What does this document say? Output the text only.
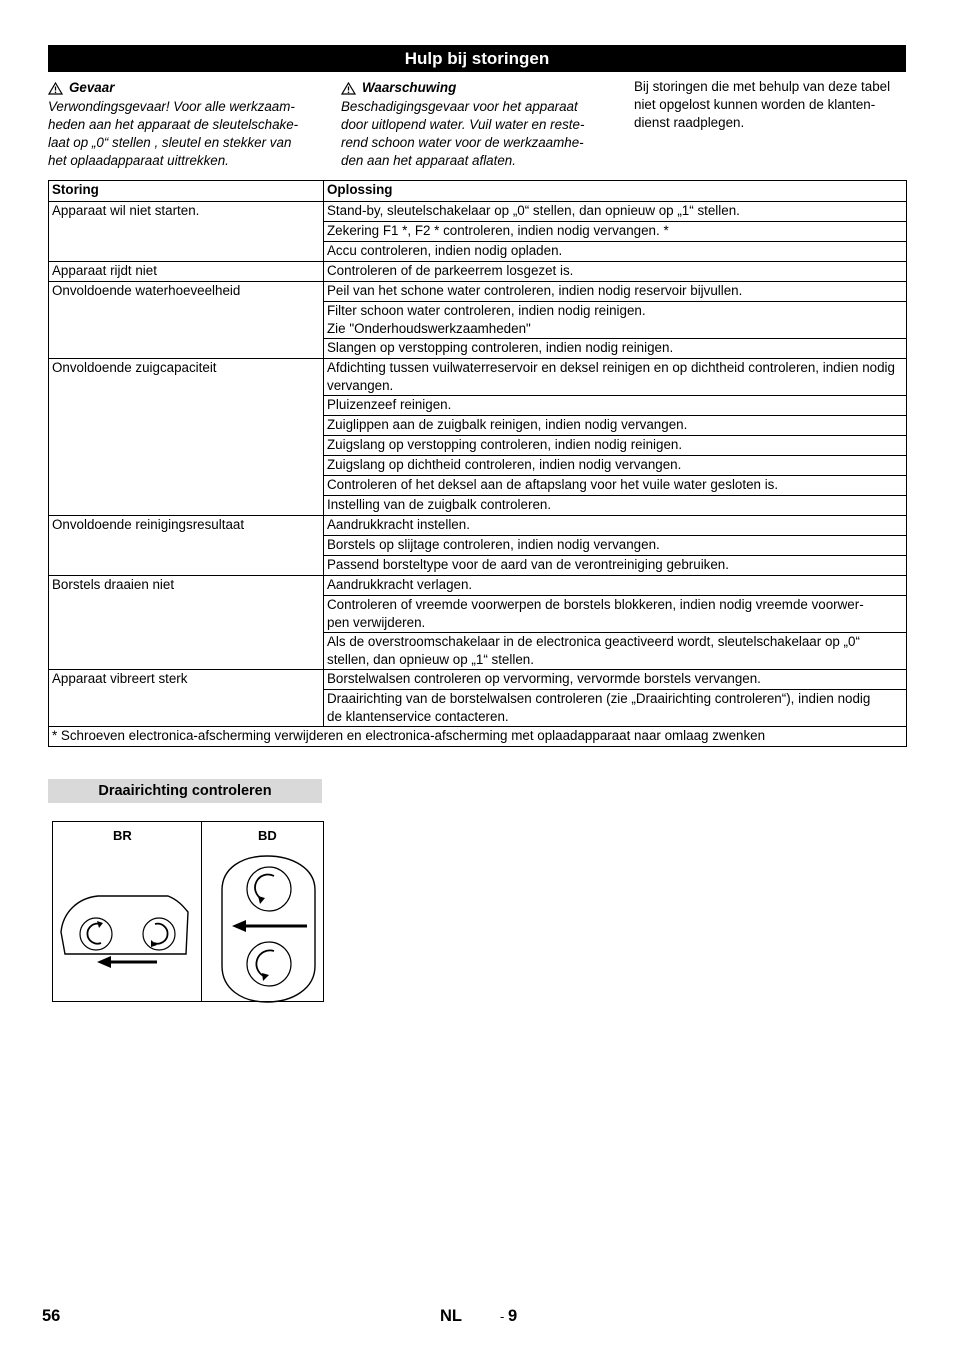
Hulp bij storingen
Gevaar
Verwondingsgevaar! Voor alle werkzaam-
heden aan het apparaat de sleutelschake-
laat op „0“ stellen , sleutel en stekker van
het oplaadapparaat uittrekken.
Waarschuwing
Beschadigingsgevaar voor het apparaat
door uitlopend water. Vuil water en reste-
rend schoon water voor de werkzaamhe-
den aan het apparaat aflaten.
Bij storingen die met behulp van deze tabel
niet opgelost kunnen worden de klanten-
dienst raadplegen.
Storing	Oplossing
Apparaat wil niet starten.	Stand-by, sleutelschakelaar op „0“ stellen, dan opnieuw op „1“ stellen.
	Zekering F1 *, F2 * controleren, indien nodig vervangen. *
	Accu controleren, indien nodig opladen.
Apparaat rijdt niet	Controleren of de parkeerrem losgezet is.
Onvoldoende waterhoeveelheid	Peil van het schone water controleren, indien nodig reservoir bijvullen.
	Filter schoon water controleren, indien nodig reinigen.
Zie "Onderhoudswerkzaamheden"
	Slangen op verstopping controleren, indien nodig reinigen.
Onvoldoende zuigcapaciteit	Afdichting tussen vuilwaterreservoir en deksel reinigen en op dichtheid controleren, indien nodig vervangen.
	Pluizenzeef reinigen.
	Zuiglippen aan de zuigbalk reinigen, indien nodig vervangen.
	Zuigslang op verstopping controleren, indien nodig reinigen.
	Zuigslang op dichtheid controleren, indien nodig vervangen.
	Controleren of het deksel aan de aftapslang voor het vuile water gesloten is.
	Instelling van de zuigbalk controleren.
Onvoldoende reinigingsresultaat	Aandrukkracht instellen.
	Borstels op slijtage controleren, indien nodig vervangen.
	Passend borsteltype voor de aard van de verontreiniging gebruiken.
Borstels draaien niet	Aandrukkracht verlagen.
	Controleren of vreemde voorwerpen de borstels blokkeren, indien nodig vreemde voorwer-
pen verwijderen.
	Als de overstroomschakelaar in de electronica geactiveerd wordt, sleutelschakelaar op „0“
stellen, dan opnieuw op „1“ stellen.
Apparaat vibreert sterk	Borstelwalsen controleren op vervorming, vervormde borstels vervangen.
	Draairichting van de borstelwalsen controleren (zie „Draairichting controleren“), indien nodig
de klantenservice contacteren.
* Schroeven electronica-afscherming verwijderen en electronica-afscherming met oplaadapparaat naar omlaag zwenken	
Draairichting controleren
BR	BD
56	NL	- 9
